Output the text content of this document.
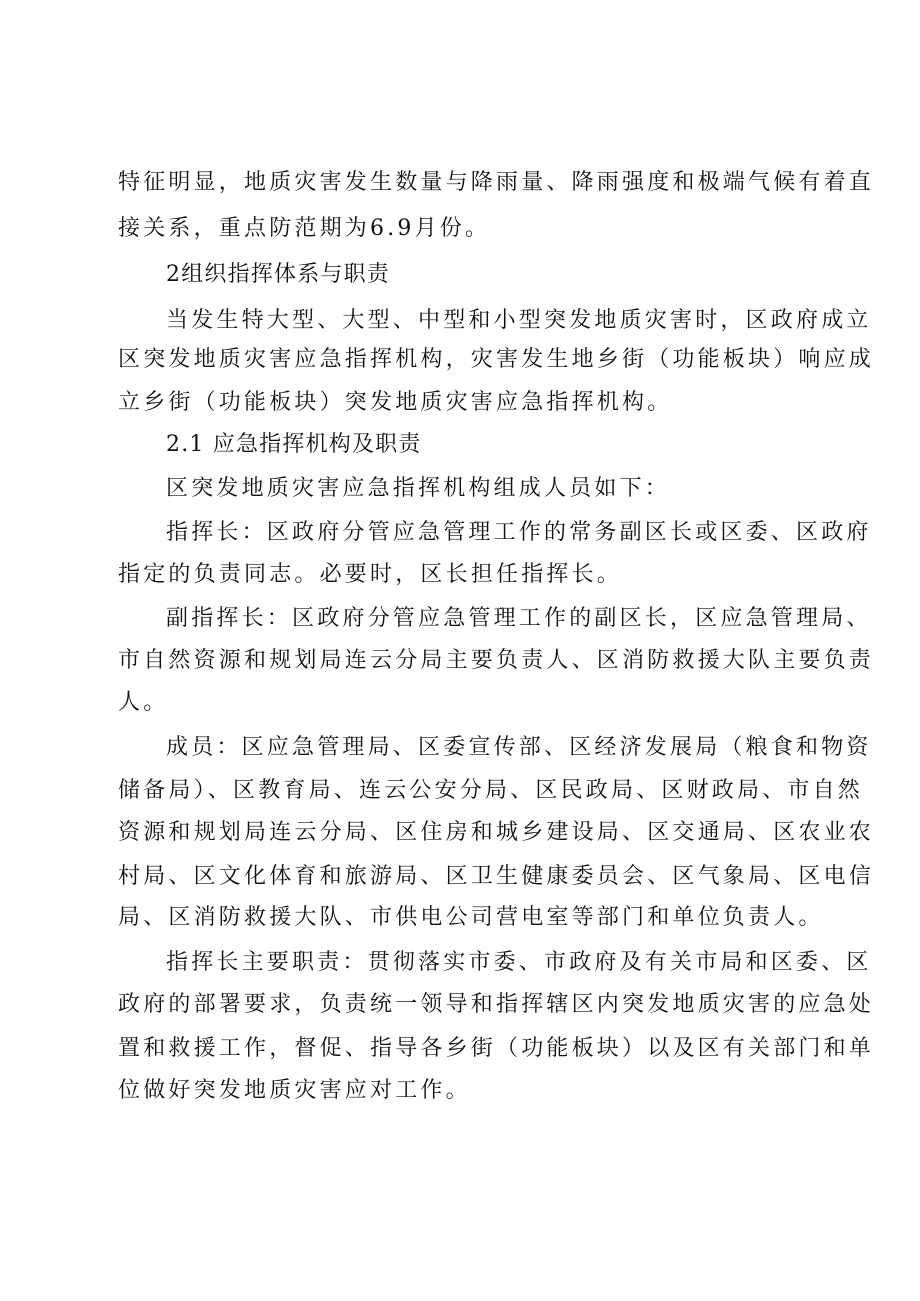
特征明显，地质灾害发生数量与降雨量、降雨强度和极端气候有着直
接关系，重点防范期为6.9月份。
2组织指挥体系与职责
当发生特大型、大型、中型和小型突发地质灾害时，区政府成立
区突发地质灾害应急指挥机构，灾害发生地乡街（功能板块）响应成
立乡街（功能板块）突发地质灾害应急指挥机构。
2.1 应急指挥机构及职责
区突发地质灾害应急指挥机构组成人员如下：
指挥长：区政府分管应急管理工作的常务副区长或区委、区政府
指定的负责同志。必要时，区长担任指挥长。
副指挥长：区政府分管应急管理工作的副区长，区应急管理局、
市自然资源和规划局连云分局主要负责人、区消防救援大队主要负责
人。
成员：区应急管理局、区委宣传部、区经济发展局（粮食和物资
储备局）、区教育局、连云公安分局、区民政局、区财政局、市自然
资源和规划局连云分局、区住房和城乡建设局、区交通局、区农业农
村局、区文化体育和旅游局、区卫生健康委员会、区气象局、区电信
局、区消防救援大队、市供电公司营电室等部门和单位负责人。
指挥长主要职责：贯彻落实市委、市政府及有关市局和区委、区
政府的部署要求，负责统一领导和指挥辖区内突发地质灾害的应急处
置和救援工作，督促、指导各乡街（功能板块）以及区有关部门和单
位做好突发地质灾害应对工作。
